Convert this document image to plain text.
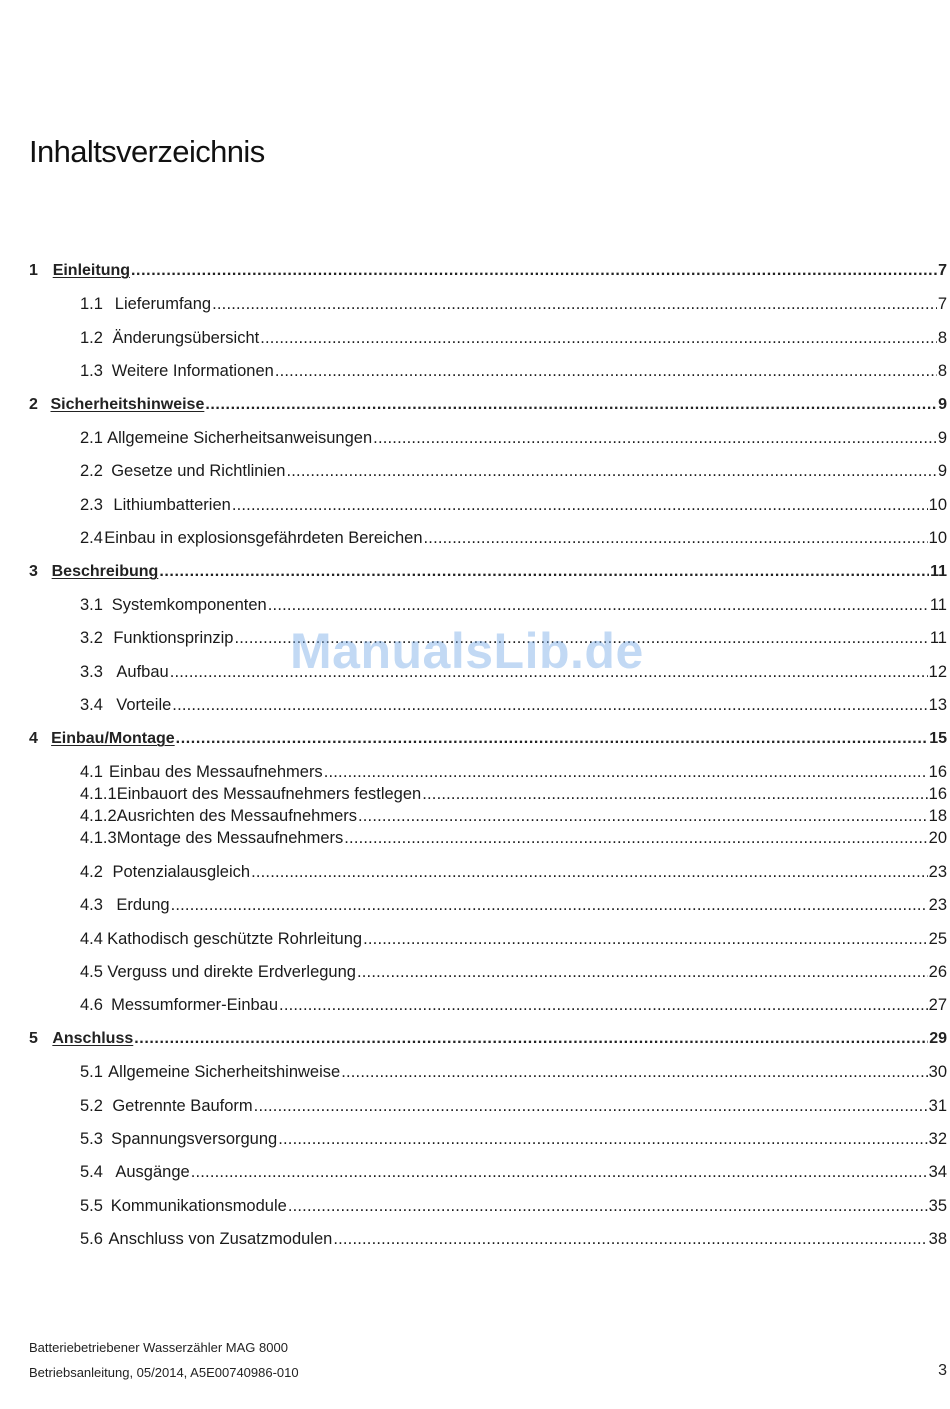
Inhaltsverzeichnis
1 Einleitung .....	7
1.1 Lieferumfang .....	7
1.2 Änderungsübersicht .....	8
1.3 Weitere Informationen .....	8
2 Sicherheitshinweise .....	9
2.1 Allgemeine Sicherheitsanweisungen .....	9
2.2 Gesetze und Richtlinien .....	9
2.3 Lithiumbatterien .....	10
2.4 Einbau in explosionsgefährdeten Bereichen .....	10
3 Beschreibung .....	11
3.1 Systemkomponenten .....	11
3.2 Funktionsprinzip .....	11
3.3 Aufbau .....	12
3.4 Vorteile .....	13
4 Einbau/Montage .....	15
4.1 Einbau des Messaufnehmers .....	16
4.1.1 Einbauort des Messaufnehmers festlegen .....	16
4.1.2 Ausrichten des Messaufnehmers .....	18
4.1.3 Montage des Messaufnehmers .....	20
4.2 Potenzialausgleich .....	23
4.3 Erdung .....	23
4.4 Kathodisch geschützte Rohrleitung .....	25
4.5 Verguss und direkte Erdverlegung .....	26
4.6 Messumformer-Einbau .....	27
5 Anschluss .....	29
5.1 Allgemeine Sicherheitshinweise .....	30
5.2 Getrennte Bauform .....	31
5.3 Spannungsversorgung .....	32
5.4 Ausgänge .....	34
5.5 Kommunikationsmodule .....	35
5.6 Anschluss von Zusatzmodulen .....	38
ManualsLib.de
Batteriebetriebener Wasserzähler MAG 8000
Betriebsanleitung, 05/2014, A5E00740986-010	3
